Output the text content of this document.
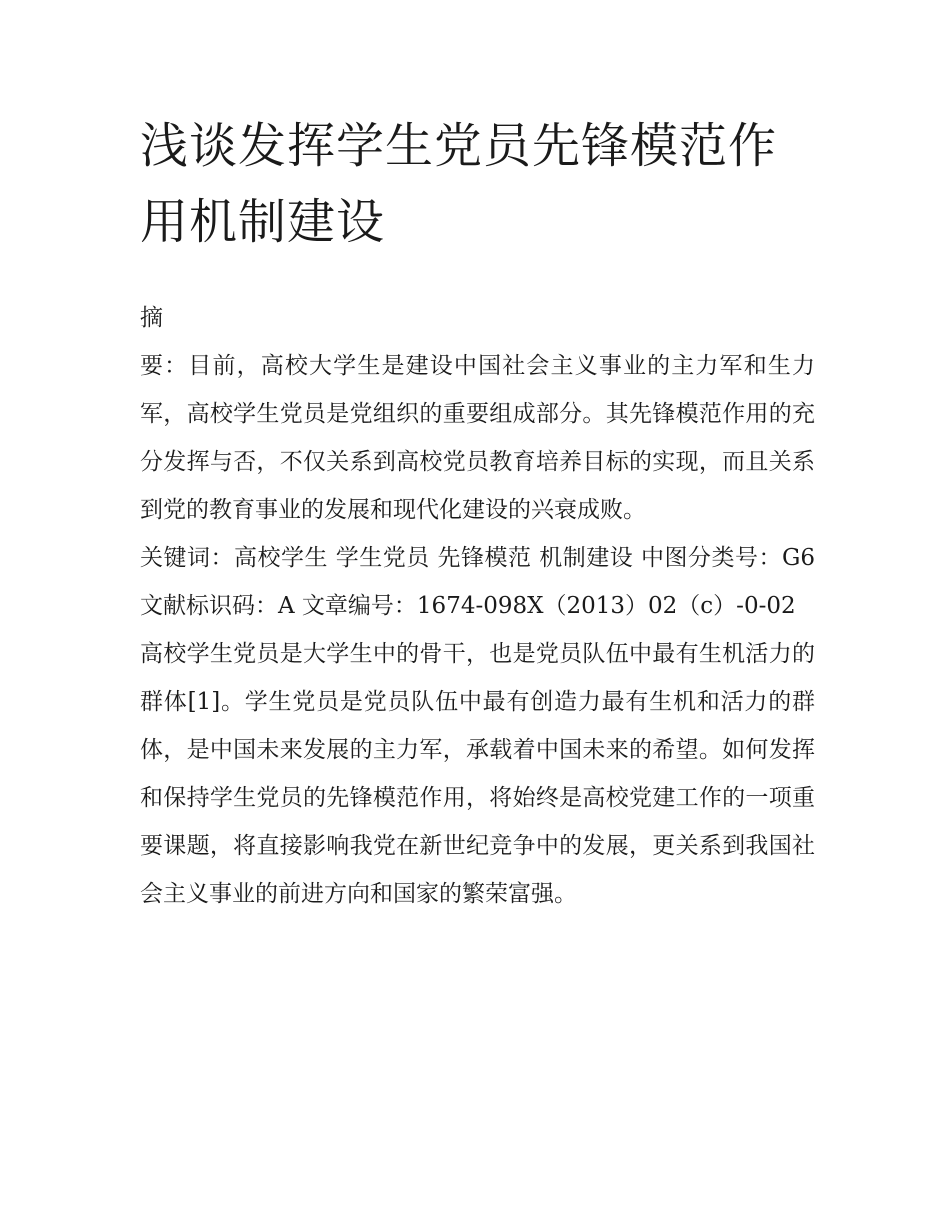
浅谈发挥学生党员先锋模范作用机制建设

摘

要：目前，高校大学生是建设中国社会主义事业的主力军和生力军，高校学生党员是党组织的重要组成部分。其先锋模范作用的充分发挥与否，不仅关系到高校党员教育培养目标的实现，而且关系到党的教育事业的发展和现代化建设的兴衰成败。

关键词：高校学生 学生党员 先锋模范 机制建设 中图分类号：G6 文献标识码：A 文章编号：1674-098X（2013）02（c）-0-02

高校学生党员是大学生中的骨干，也是党员队伍中最有生机活力的群体[1]。学生党员是党员队伍中最有创造力最有生机和活力的群体，是中国未来发展的主力军，承载着中国未来的希望。如何发挥和保持学生党员的先锋模范作用，将始终是高校党建工作的一项重要课题，将直接影响我党在新世纪竞争中的发展，更关系到我国社会主义事业的前进方向和国家的繁荣富强。
